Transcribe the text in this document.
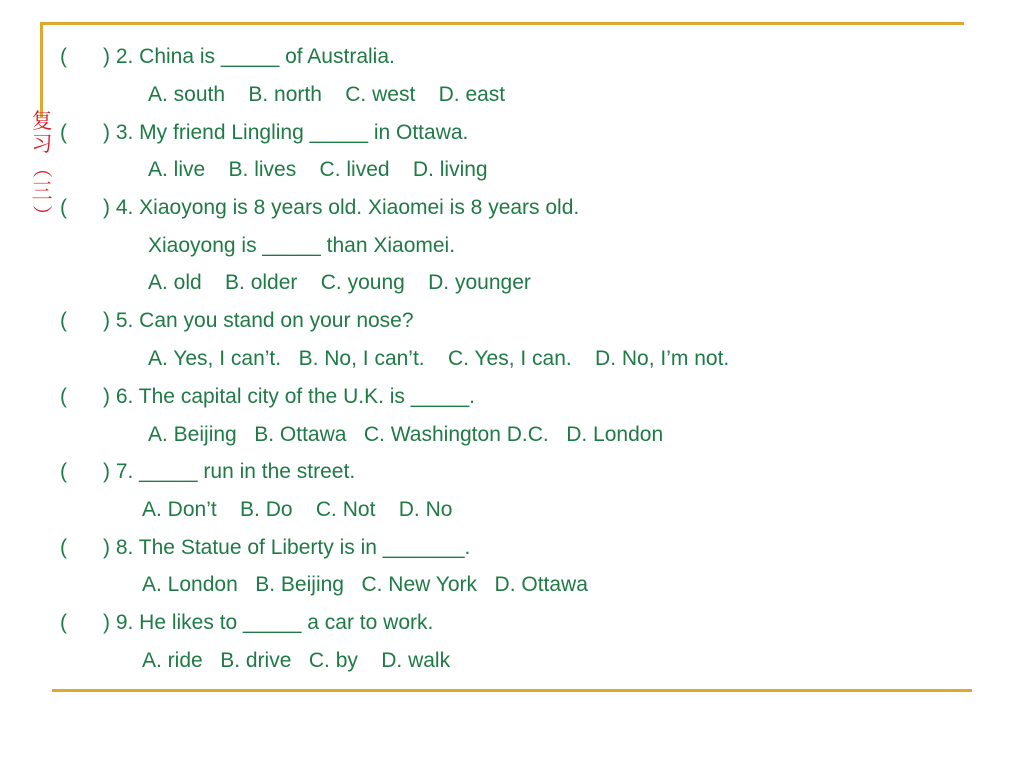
复
习
（
三
）
( ) 2. China is _____ of Australia.
A. south    B. north    C. west    D. east
( ) 3. My friend Lingling _____ in Ottawa.
A. live    B. lives    C. lived    D. living
( ) 4. Xiaoyong is 8 years old. Xiaomei is 8 years old.
Xiaoyong is _____ than Xiaomei.
A. old    B. older    C. young    D. younger
( ) 5. Can you stand on your nose?
A. Yes, I can’t.   B. No, I can’t.    C. Yes, I can.    D. No, I’m not.
( ) 6. The capital city of the U.K. is _____.
A. Beijing   B. Ottawa   C. Washington D.C.   D. London
( ) 7. _____ run in the street.
A. Don’t    B. Do    C. Not    D. No
( ) 8. The Statue of Liberty is in _______.
A. London   B. Beijing   C. New York   D. Ottawa
( ) 9. He likes to _____ a car to work.
A. ride   B. drive   C. by    D. walk
